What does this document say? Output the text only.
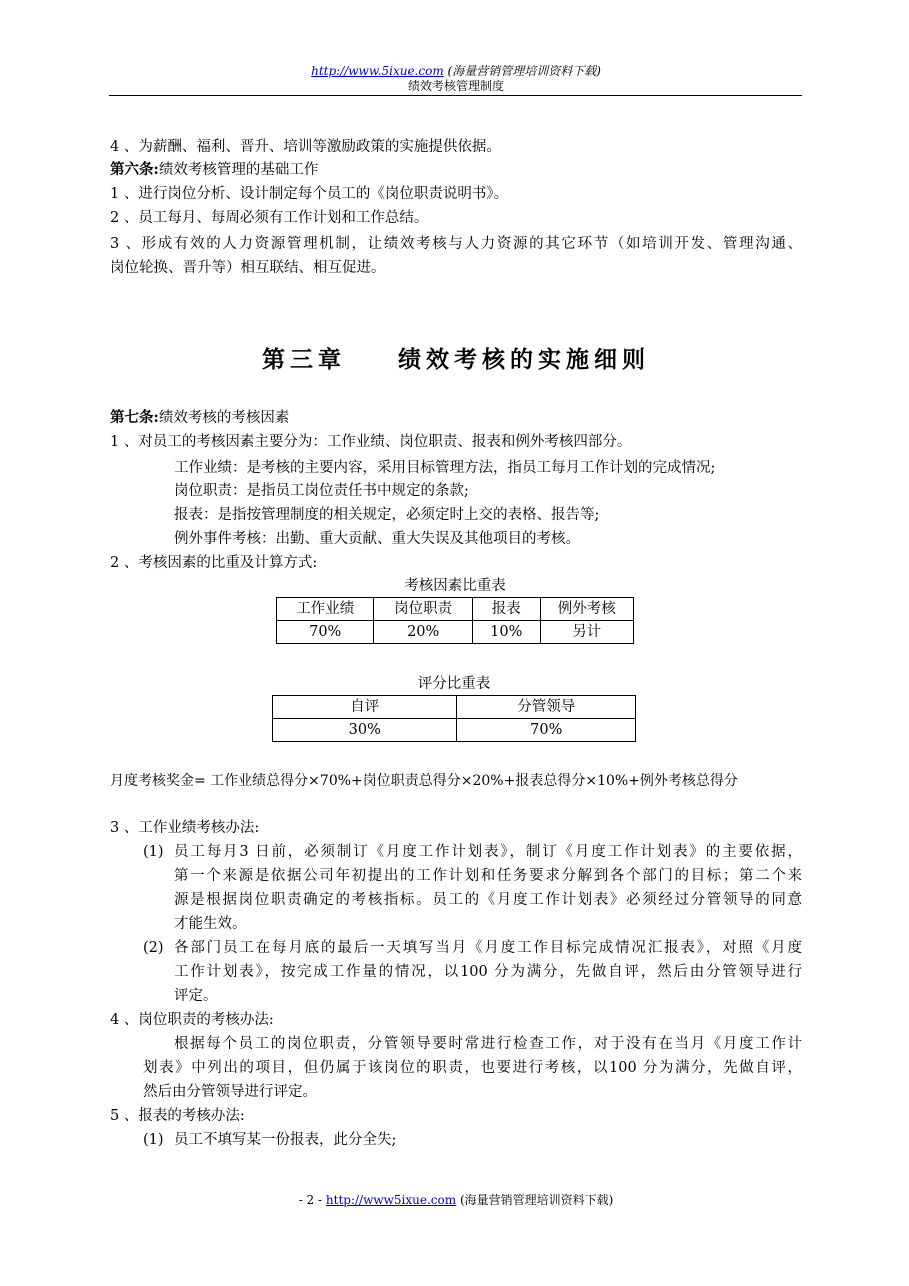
http://www.5ixue.com (海量营销管理培训资料下载)
绩效考核管理制度
4 、为薪酬、福利、晋升、培训等激励政策的实施提供依据。
第六条:绩效考核管理的基础工作
1 、进行岗位分析、设计制定每个员工的《岗位职责说明书》。
2 、员工每月、每周必须有工作计划和工作总结。
3 、形成有效的人力资源管理机制，让绩效考核与人力资源的其它环节（如培训开发、管理沟通、
岗位轮换、晋升等）相互联结、相互促进。
第三章    绩效考核的实施细则
第七条:绩效考核的考核因素
1 、对员工的考核因素主要分为：工作业绩、岗位职责、报表和例外考核四部分。
工作业绩：是考核的主要内容，采用目标管理方法，指员工每月工作计划的完成情况;
岗位职责：是指员工岗位责任书中规定的条款;
报表：是指按管理制度的相关规定，必须定时上交的表格、报告等;
例外事件考核：出勤、重大贡献、重大失误及其他项目的考核。
2 、考核因素的比重及计算方式:
考核因素比重表
工作业绩	岗位职责	报表	例外考核
70%	20%	10%	另计
评分比重表
自评	分管领导
30%	70%
月度考核奖金= 工作业绩总得分×70%+岗位职责总得分×20%+报表总得分×10%+例外考核总得分
3 、工作业绩考核办法:
(1) 员工每月3 日前，必须制订《月度工作计划表》，制订《月度工作计划表》的主要依据，
第一个来源是依据公司年初提出的工作计划和任务要求分解到各个部门的目标；第二个来
源是根据岗位职责确定的考核指标。员工的《月度工作计划表》必须经过分管领导的同意
才能生效。
(2) 各部门员工在每月底的最后一天填写当月《月度工作目标完成情况汇报表》，对照《月度
工作计划表》，按完成工作量的情况，以100 分为满分，先做自评，然后由分管领导进行
评定。
4 、岗位职责的考核办法:
根据每个员工的岗位职责，分管领导要时常进行检查工作，对于没有在当月《月度工作计
划表》中列出的项目，但仍属于该岗位的职责，也要进行考核，以100 分为满分，先做自评，
然后由分管领导进行评定。
5 、报表的考核办法:
(1) 员工不填写某一份报表，此分全失;
- 2 - http://www5ixue.com (海量营销管理培训资料下载)
